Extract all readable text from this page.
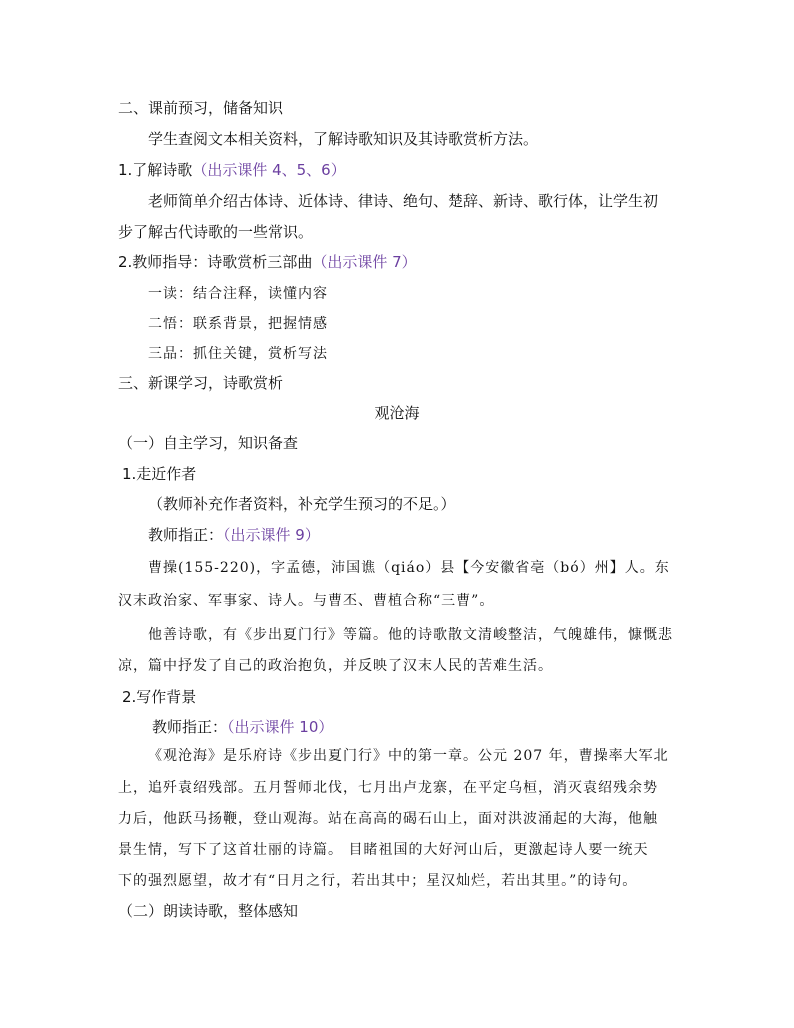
二、课前预习，储备知识
学生查阅文本相关资料，了解诗歌知识及其诗歌赏析方法。
1.了解诗歌（出示课件 4、5、6）
老师简单介绍古体诗、近体诗、律诗、绝句、楚辞、新诗、歌行体，让学生初
步了解古代诗歌的一些常识。
2.教师指导：诗歌赏析三部曲（出示课件 7）
一读：结合注释，读懂内容
二悟：联系背景，把握情感
三品：抓住关键，赏析写法
三、新课学习，诗歌赏析
观沧海
（一）自主学习，知识备查
1.走近作者
（教师补充作者资料，补充学生预习的不足。）
教师指正：（出示课件 9）
曹操(155-220)，字孟德，沛国谯（qiáo）县【今安徽省亳（bó）州】人。东
汉末政治家、军事家、诗人。与曹丕、曹植合称“三曹”。
他善诗歌，有《步出夏门行》等篇。他的诗歌散文清峻整洁，气魄雄伟，慷慨悲
凉，篇中抒发了自己的政治抱负，并反映了汉末人民的苦难生活。
2.写作背景
教师指正：（出示课件 10）
《观沧海》是乐府诗《步出夏门行》中的第一章。公元 207 年，曹操率大军北
上，追歼袁绍残部。五月誓师北伐，七月出卢龙寨，在平定乌桓，消灭袁绍残余势
力后，他跃马扬鞭，登山观海。站在高高的碣石山上，面对洪波涌起的大海，他触
景生情，写下了这首壮丽的诗篇。 目睹祖国的大好河山后，更激起诗人要一统天
下的强烈愿望，故才有“日月之行，若出其中；星汉灿烂，若出其里。”的诗句。
（二）朗读诗歌，整体感知
